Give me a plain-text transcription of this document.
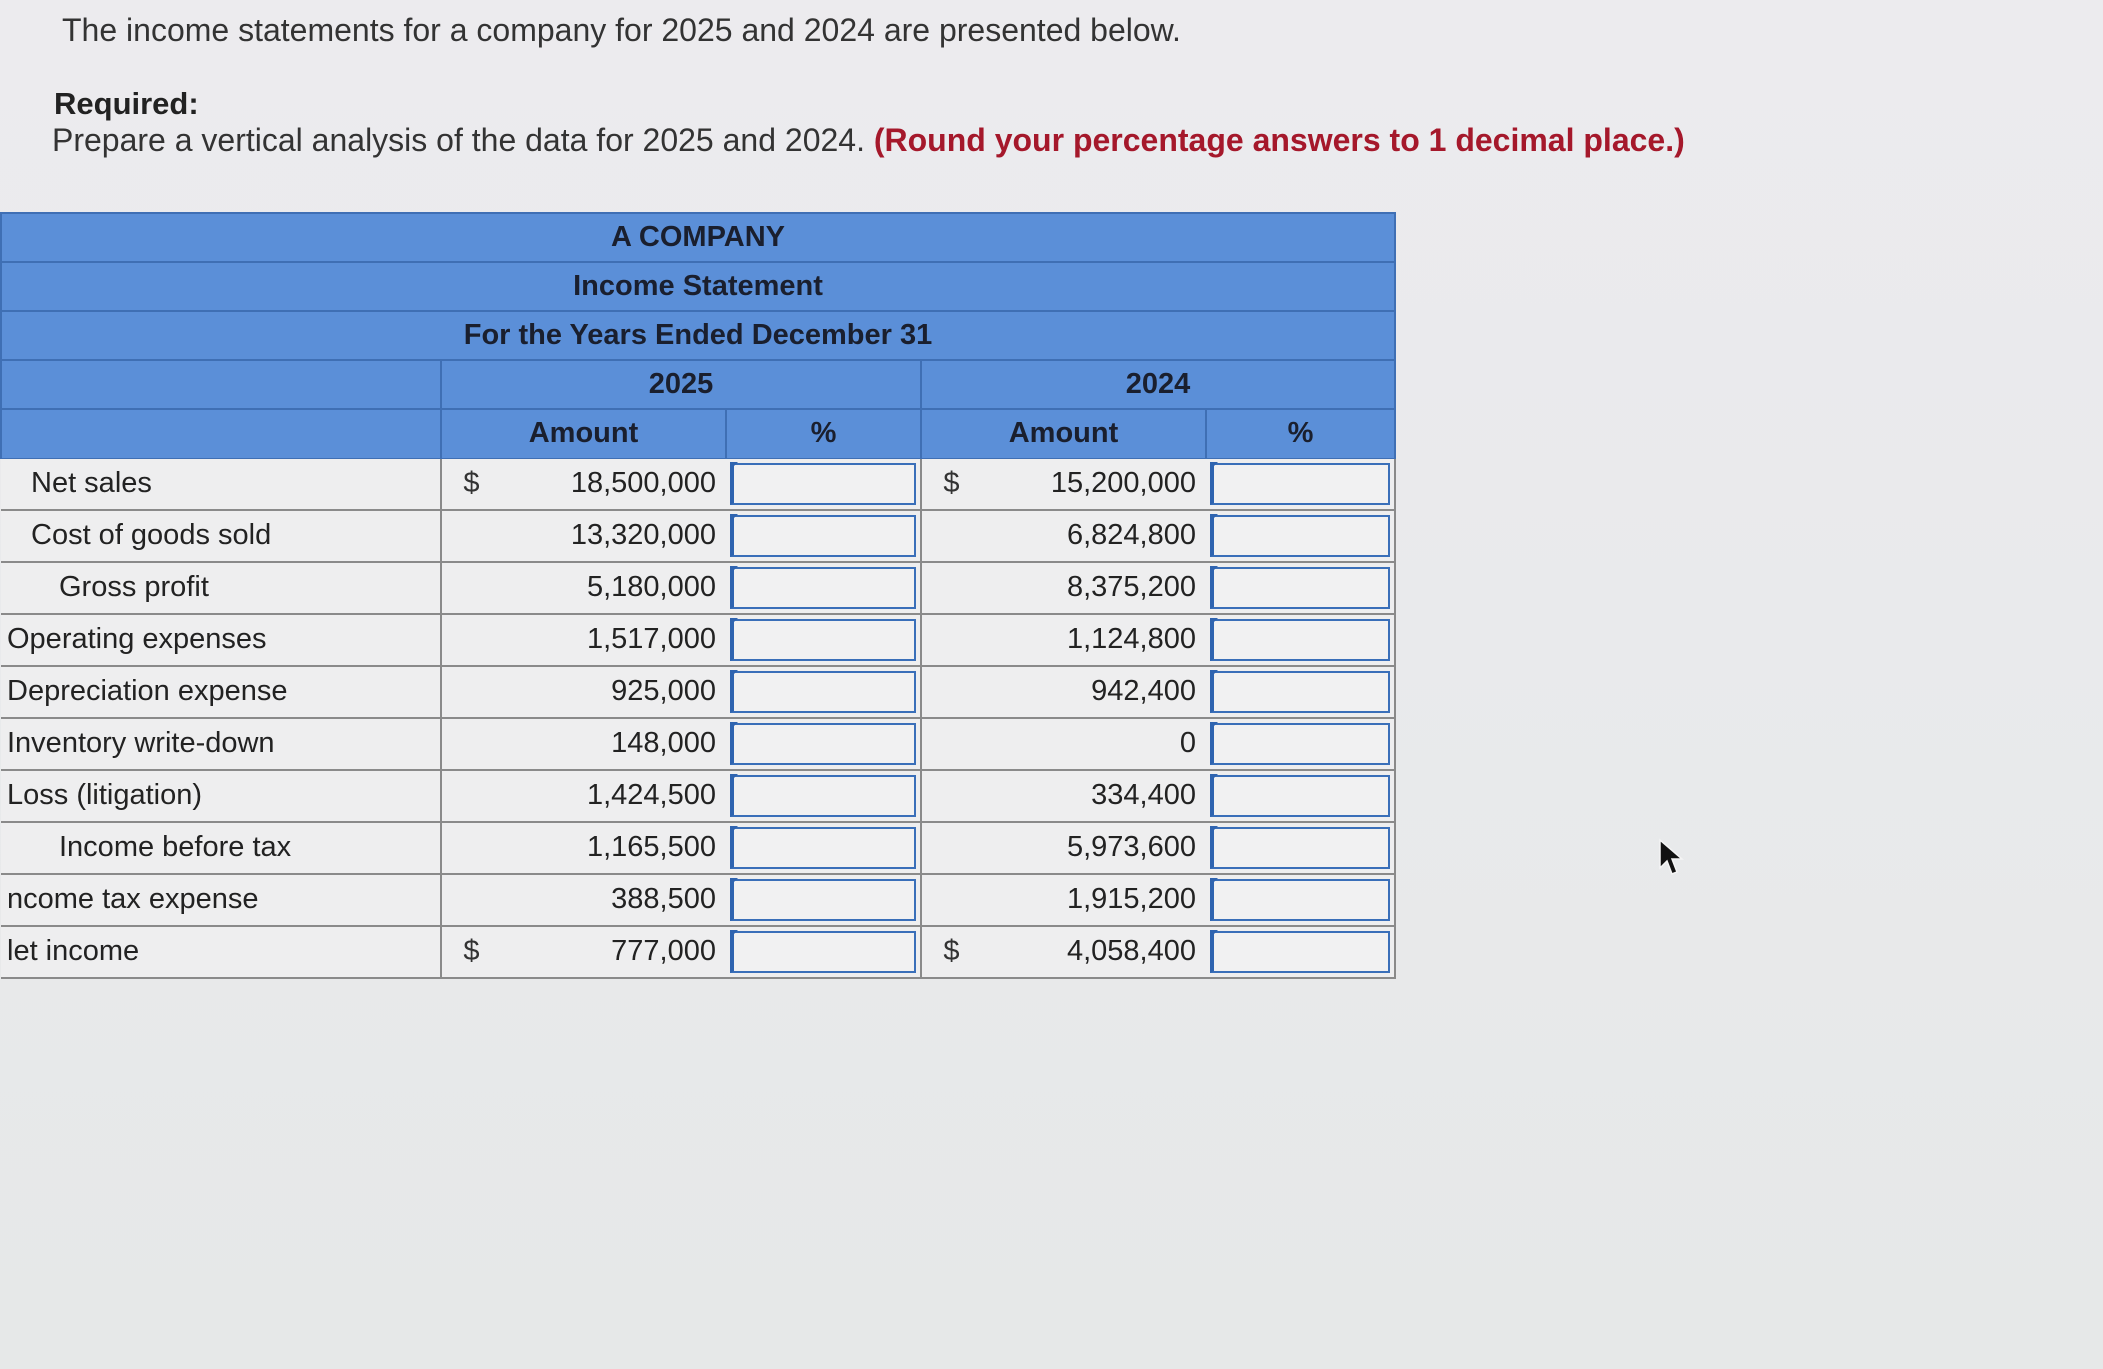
The income statements for a company for 2025 and 2024 are presented below.
Required:
Prepare a vertical analysis of the data for 2025 and 2024. (Round your percentage answers to 1 decimal place.)
A COMPANY						
Income Statement						
For the Years Ended December 31						
	2025			2024		
	Amount		%	Amount		%
Net sales	$	18,500,000		$	15,200,000	

Cost of goods sold		13,320,000			6,824,800	

Gross profit		5,180,000			8,375,200	

Operating expenses		1,517,000			1,124,800	

Depreciation expense		925,000			942,400	

Inventory write-down		148,000			0	

Loss (litigation)		1,424,500			334,400	

Income before tax		1,165,500			5,973,600	

ncome tax expense		388,500			1,915,200	

let income	$	777,000		$	4,058,400	
